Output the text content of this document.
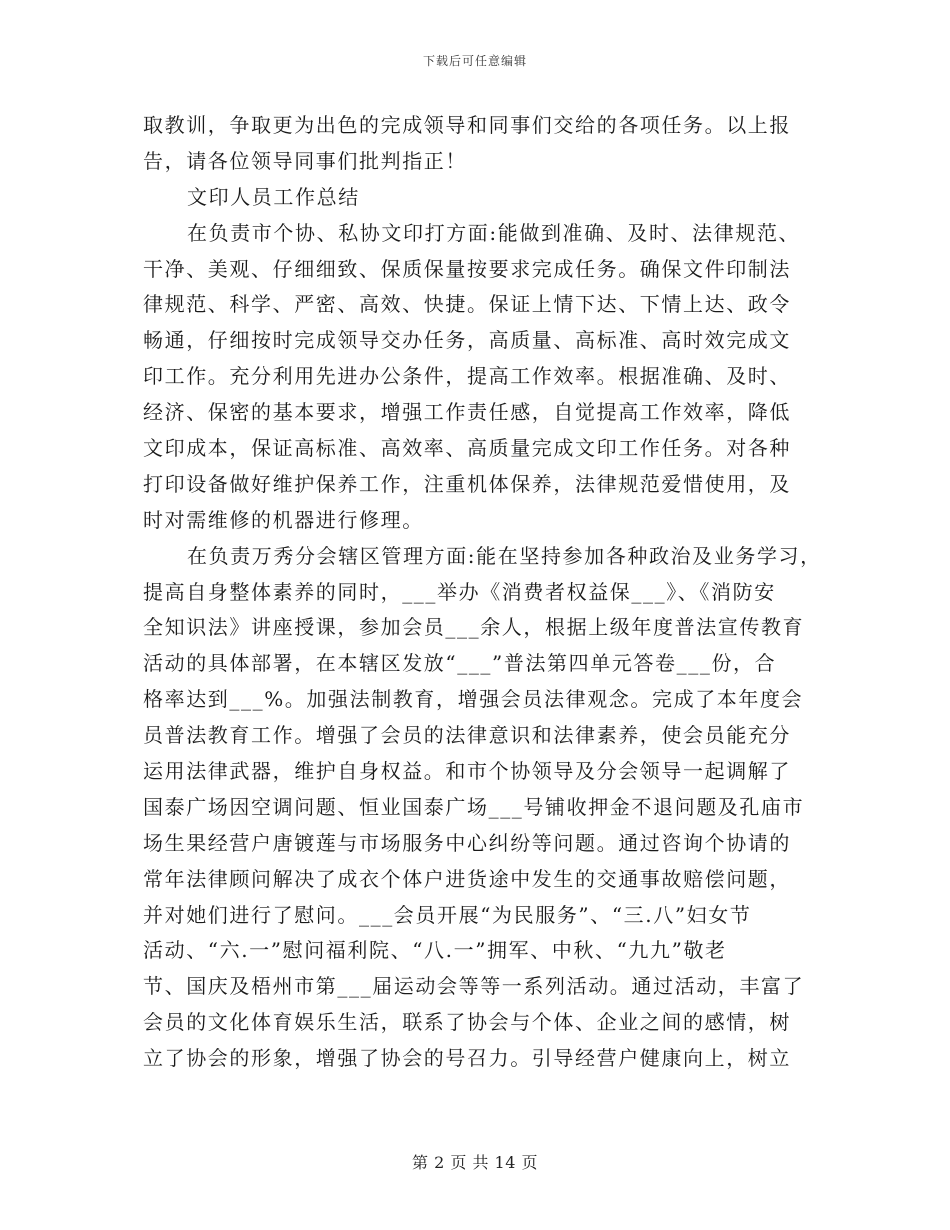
下载后可任意编辑
取教训，争取更为出色的完成领导和同事们交给的各项任务。以上报
告，请各位领导同事们批判指正！
文印人员工作总结
在负责市个协、私协文印打方面:能做到准确、及时、法律规范、
干净、美观、仔细细致、保质保量按要求完成任务。确保文件印制法
律规范、科学、严密、高效、快捷。保证上情下达、下情上达、政令
畅通，仔细按时完成领导交办任务，高质量、高标准、高时效完成文
印工作。充分利用先进办公条件，提高工作效率。根据准确、及时、
经济、保密的基本要求，增强工作责任感，自觉提高工作效率，降低
文印成本，保证高标准、高效率、高质量完成文印工作任务。对各种
打印设备做好维护保养工作，注重机体保养，法律规范爱惜使用，及
时对需维修的机器进行修理。
在负责万秀分会辖区管理方面:能在坚持参加各种政治及业务学习，
提高自身整体素养的同时，___举办《消费者权益保___》、《消防安
全知识法》讲座授课，参加会员___余人，根据上级年度普法宣传教育
活动的具体部署，在本辖区发放“___”普法第四单元答卷___份，合
格率达到___%。加强法制教育，增强会员法律观念。完成了本年度会
员普法教育工作。增强了会员的法律意识和法律素养，使会员能充分
运用法律武器，维护自身权益。和市个协领导及分会领导一起调解了
国泰广场因空调问题、恒业国泰广场___号铺收押金不退问题及孔庙市
场生果经营户唐镀莲与市场服务中心纠纷等问题。通过咨询个协请的
常年法律顾问解决了成衣个体户进货途中发生的交通事故赔偿问题，
并对她们进行了慰问。___会员开展“为民服务”、“三.八”妇女节
活动、“六.一”慰问福利院、“八.一”拥军、中秋、“九九”敬老
节、国庆及梧州市第___届运动会等等一系列活动。通过活动，丰富了
会员的文化体育娱乐生活，联系了协会与个体、企业之间的感情，树
立了协会的形象，增强了协会的号召力。引导经营户健康向上，树立
第 2 页 共 14 页
